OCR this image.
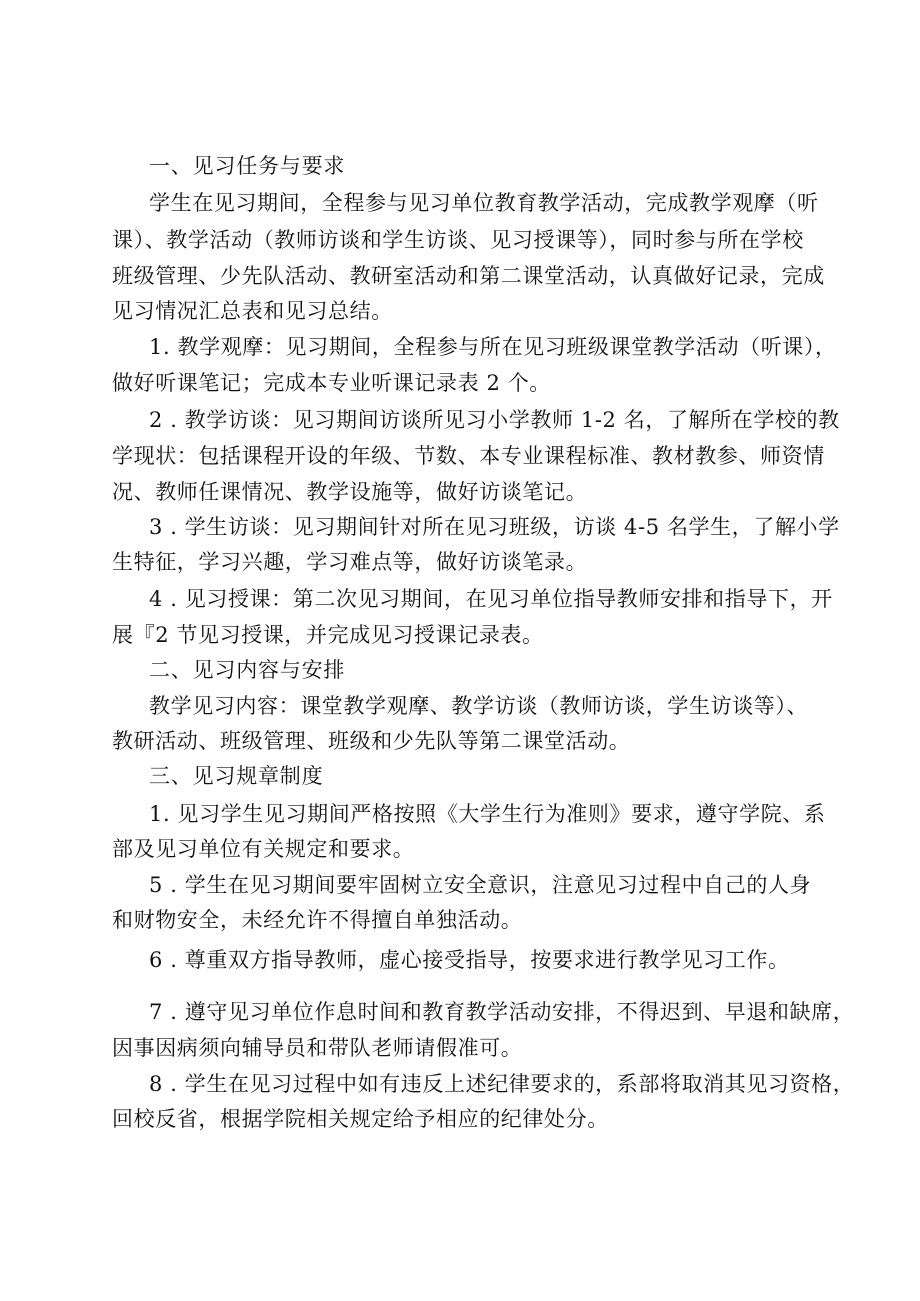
一、见习任务与要求
学生在见习期间，全程参与见习单位教育教学活动，完成教学观摩（听
课）、教学活动（教师访谈和学生访谈、见习授课等），同时参与所在学校
班级管理、少先队活动、教研室活动和第二课堂活动，认真做好记录，完成
见习情况汇总表和见习总结。
1. 教学观摩：见习期间，全程参与所在见习班级课堂教学活动（听课），
做好听课笔记；完成本专业听课记录表 2 个。
2 . 教学访谈：见习期间访谈所见习小学教师 1-2 名，了解所在学校的教
学现状：包括课程开设的年级、节数、本专业课程标准、教材教参、师资情
况、教师任课情况、教学设施等，做好访谈笔记。
3 . 学生访谈：见习期间针对所在见习班级，访谈 4-5 名学生，了解小学
生特征，学习兴趣，学习难点等，做好访谈笔录。
4 . 见习授课：第二次见习期间，在见习单位指导教师安排和指导下，开
展『2 节见习授课，并完成见习授课记录表。
二、见习内容与安排
教学见习内容：课堂教学观摩、教学访谈（教师访谈，学生访谈等）、
教研活动、班级管理、班级和少先队等第二课堂活动。
三、见习规章制度
1. 见习学生见习期间严格按照《大学生行为准则》要求，遵守学院、系
部及见习单位有关规定和要求。
5 . 学生在见习期间要牢固树立安全意识，注意见习过程中自己的人身
和财物安全，未经允许不得擅自单独活动。
6 . 尊重双方指导教师，虚心接受指导，按要求进行教学见习工作。
7 . 遵守见习单位作息时间和教育教学活动安排，不得迟到、早退和缺席，
因事因病须向辅导员和带队老师请假准可。
8 . 学生在见习过程中如有违反上述纪律要求的，系部将取消其见习资格，
回校反省，根据学院相关规定给予相应的纪律处分。
